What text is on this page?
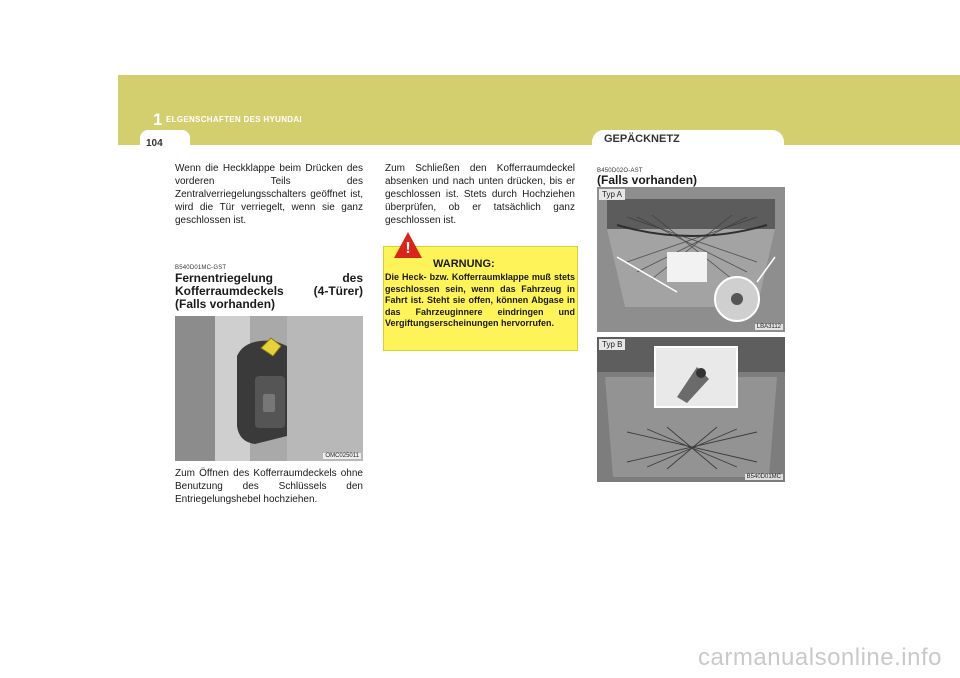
104
1 ELGENSCHAFTEN DES HYUNDAI
GEPÄCKNETZ
Wenn die Heckklappe beim Drücken des vorderen Teils des Zentralverriegelungsschalters geöffnet ist, wird die Tür verriegelt, wenn sie ganz geschlossen ist.
B540D01MC-GST
Fernentriegelung des Kofferraumdeckels (4-Türer) (Falls vorhanden)
OMC025011
Zum Öffnen des Kofferraumdeckels ohne Benutzung des Schlüssels den Entriegelungshebel hochziehen.
Zum Schließen den Kofferraumdeckel absenken und nach unten drücken, bis er geschlossen ist. Stets durch Hochziehen überprüfen, ob er tatsächlich ganz geschlossen ist.
!
WARNUNG:
Die Heck- bzw. Kofferraumklappe muß stets geschlossen sein, wenn das Fahrzeug in Fahrt ist. Steht sie offen, können Abgase in das Fahrzeuginnere eindringen und Vergiftungserscheinungen hervorrufen.
B450D02O-AST
(Falls vorhanden)
Typ A
LBA3112
Typ B
B540D01MC
carmanualsonline.info
